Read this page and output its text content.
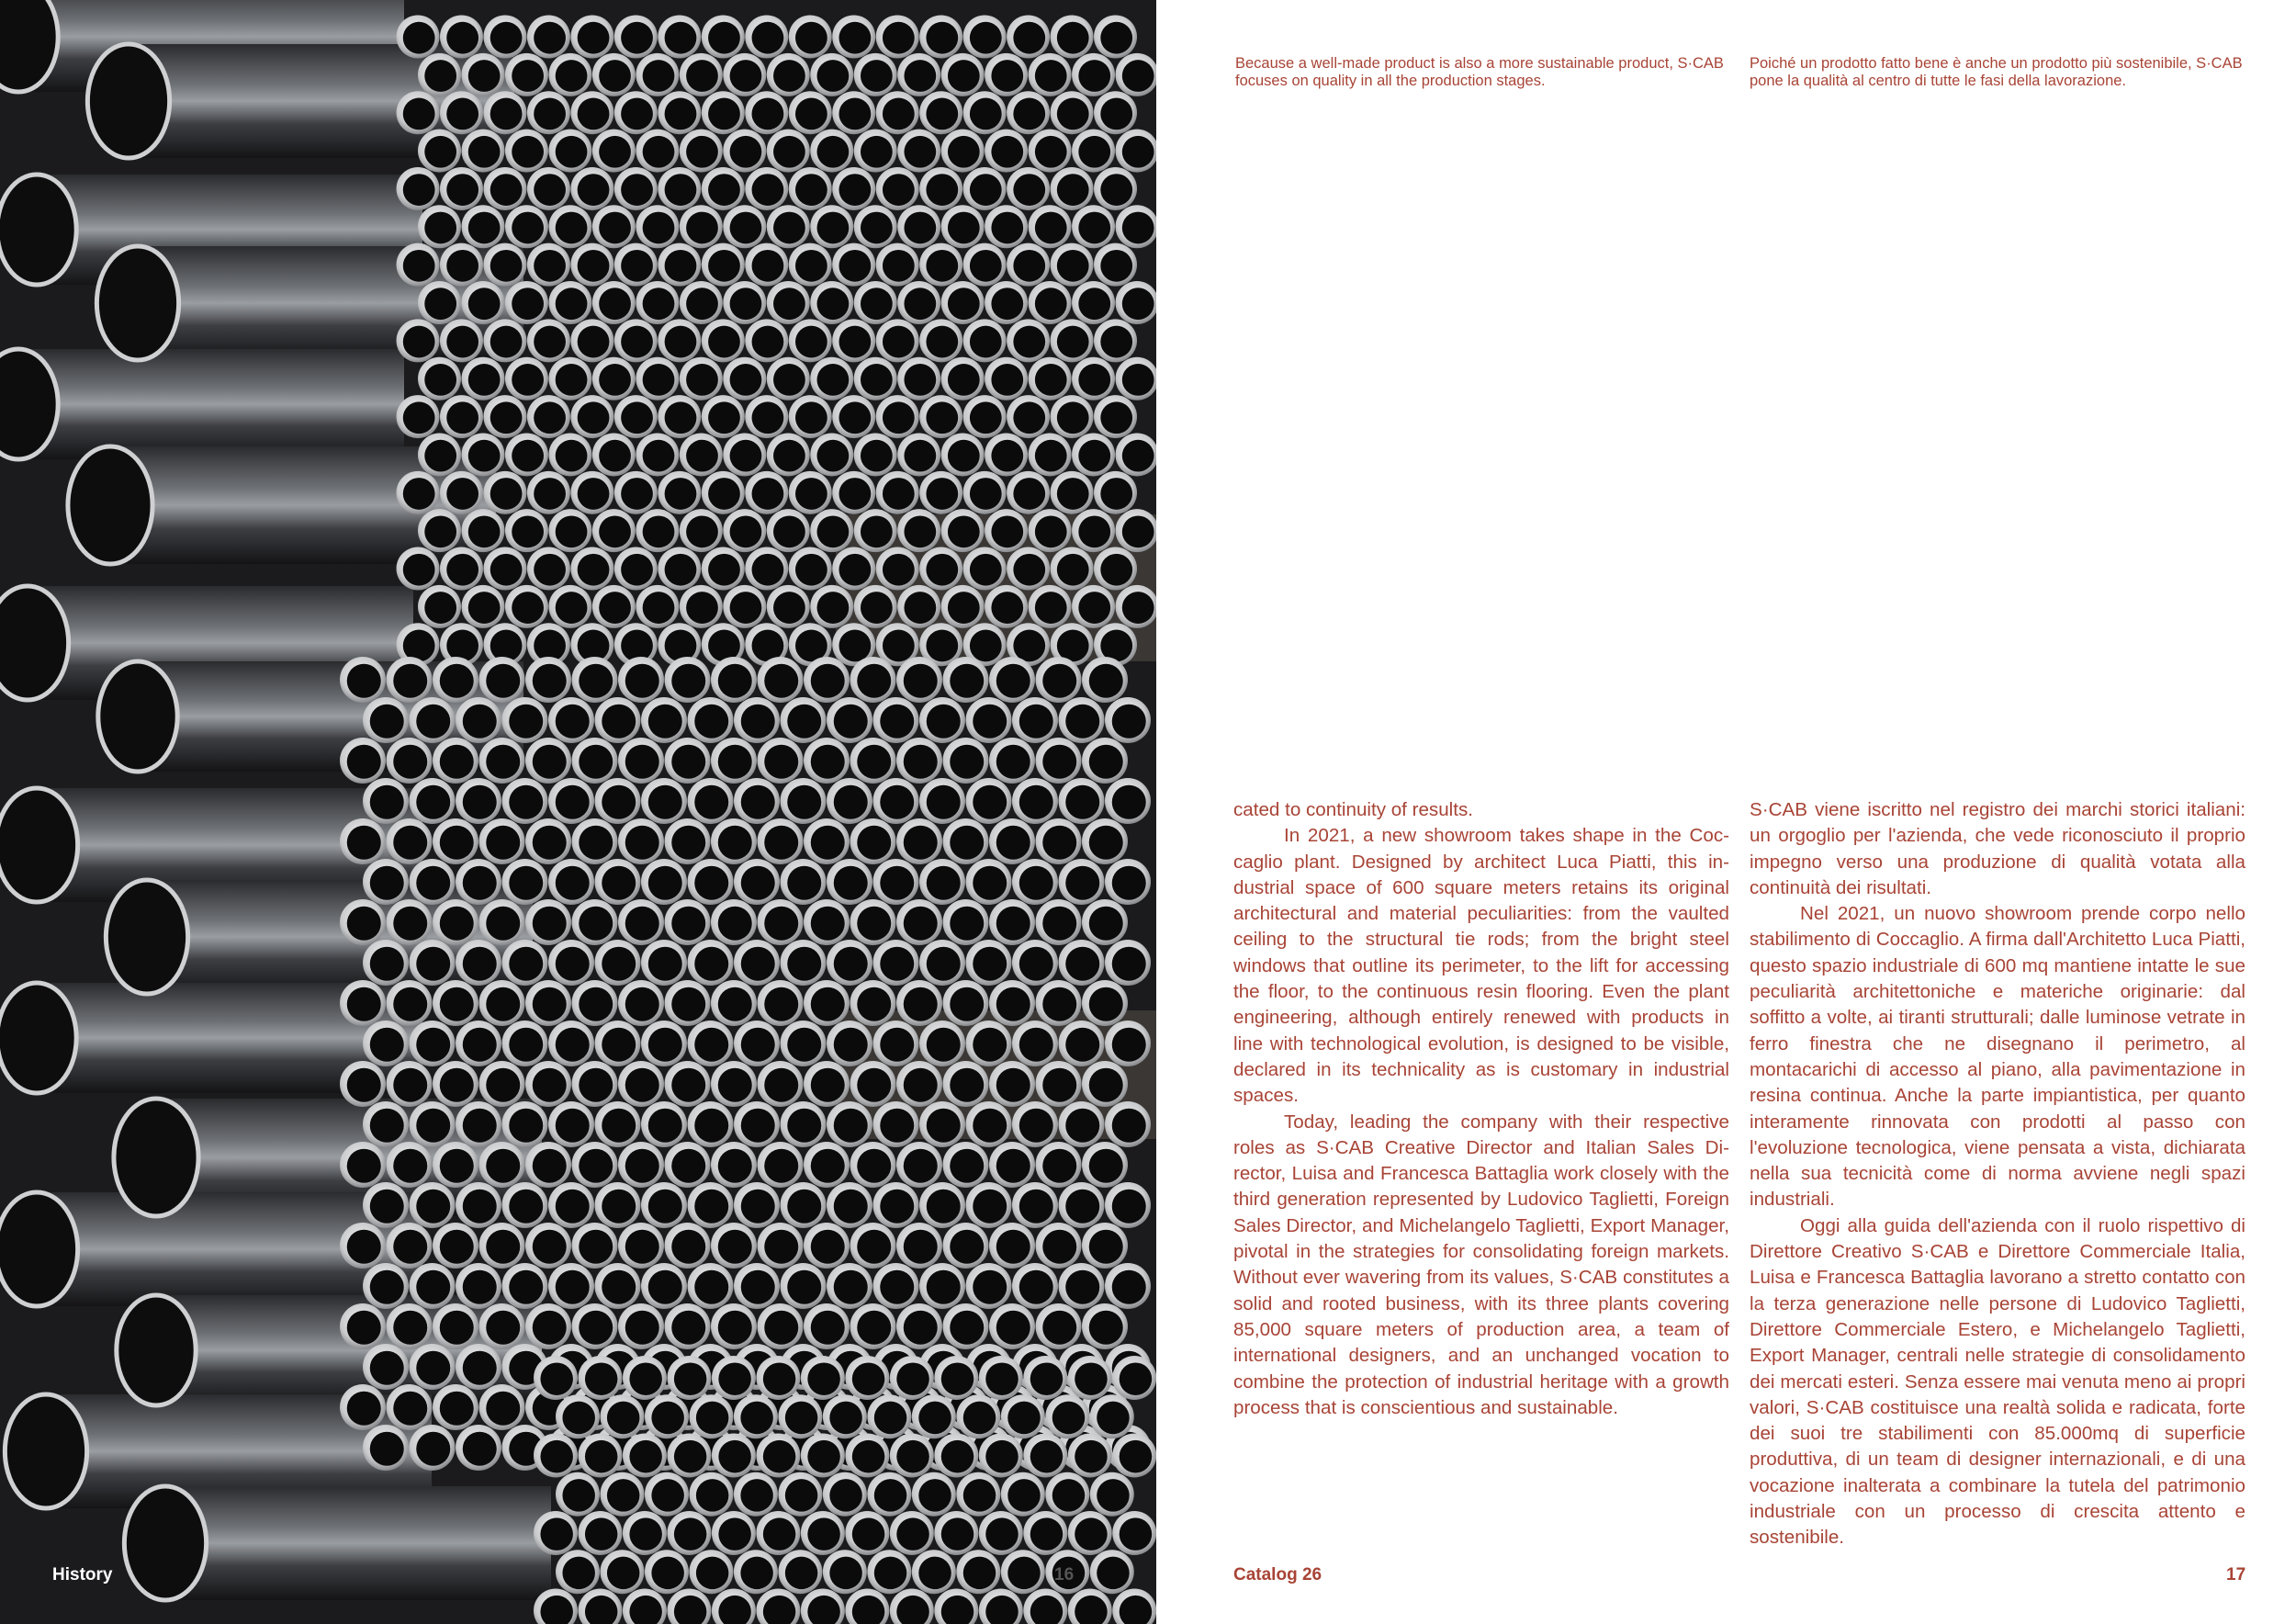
Because a well-made product is also a more sustainable product, S·CAB focuses on quality in all the production stages.
Poiché un prodotto fatto bene è anche un prodotto più sostenibile, S·CAB pone la qualità al centro di tutte le fasi della lavorazione.

cated to continuity of results.

In 2021, a new showroom takes shape in the Coccaglio plant. Designed by architect Luca Piatti, this industrial space of 600 square meters retains its original architectural and material peculiarities: from the vaulted ceiling to the structural tie rods; from the bright steel windows that outline its perimeter, to the lift for accessing the floor, to the continuous resin flooring. Even the plant engineering, although entirely renewed with products in line with technological evolution, is designed to be visible, declared in its technicality as is customary in industrial spaces.

Today, leading the company with their respective roles as S·CAB Creative Director and Italian Sales Director, Luisa and Francesca Battaglia work closely with the third generation represented by Ludovico Taglietti, Foreign Sales Director, and Michelangelo Taglietti, Export Manager, pivotal in the strategies for consolidating foreign markets. Without ever wavering from its values, S·CAB constitutes a solid and rooted business, with its three plants covering 85,000 square meters of production area, a team of international designers, and an unchanged vocation to combine the protection of industrial heritage with a growth process that is conscientious and sustainable.

S·CAB viene iscritto nel registro dei marchi storici italiani: un orgoglio per l'azienda, che vede riconosciuto il proprio impegno verso una produzione di qualità votata alla continuità dei risultati.

Nel 2021, un nuovo showroom prende corpo nello stabilimento di Coccaglio. A firma dall'Architetto Luca Piatti, questo spazio industriale di 600 mq mantiene intatte le sue peculiarità architettoniche e materiche originarie: dal soffitto a volte, ai tiranti strutturali; dalle luminose vetrate in ferro finestra che ne disegnano il perimetro, al montacarichi di accesso al piano, alla pavimentazione in resina continua. Anche la parte impiantistica, per quanto interamente rinnovata con prodotti al passo con l'evoluzione tecnologica, viene pensata a vista, dichiarata nella sua tecnicità come di norma avviene negli spazi industriali.

Oggi alla guida dell'azienda con il ruolo rispettivo di Direttore Creativo S·CAB e Direttore Commerciale Italia, Luisa e Francesca Battaglia lavorano a stretto contatto con la terza generazione nelle persone di Ludovico Taglietti, Direttore Commerciale Estero, e Michelangelo Taglietti, Export Manager, centrali nelle strategie di consolidamento dei mercati esteri. Senza essere mai venuta meno ai propri valori, S·CAB costituisce una realtà solida e radicata, forte dei suoi tre stabilimenti con 85.000mq di superficie produttiva, di un team di designer internazionali, e di una vocazione inalterata a combinare la tutela del patrimonio industriale con un processo di crescita attento e sostenibile.

History	16	Catalog 26	17
